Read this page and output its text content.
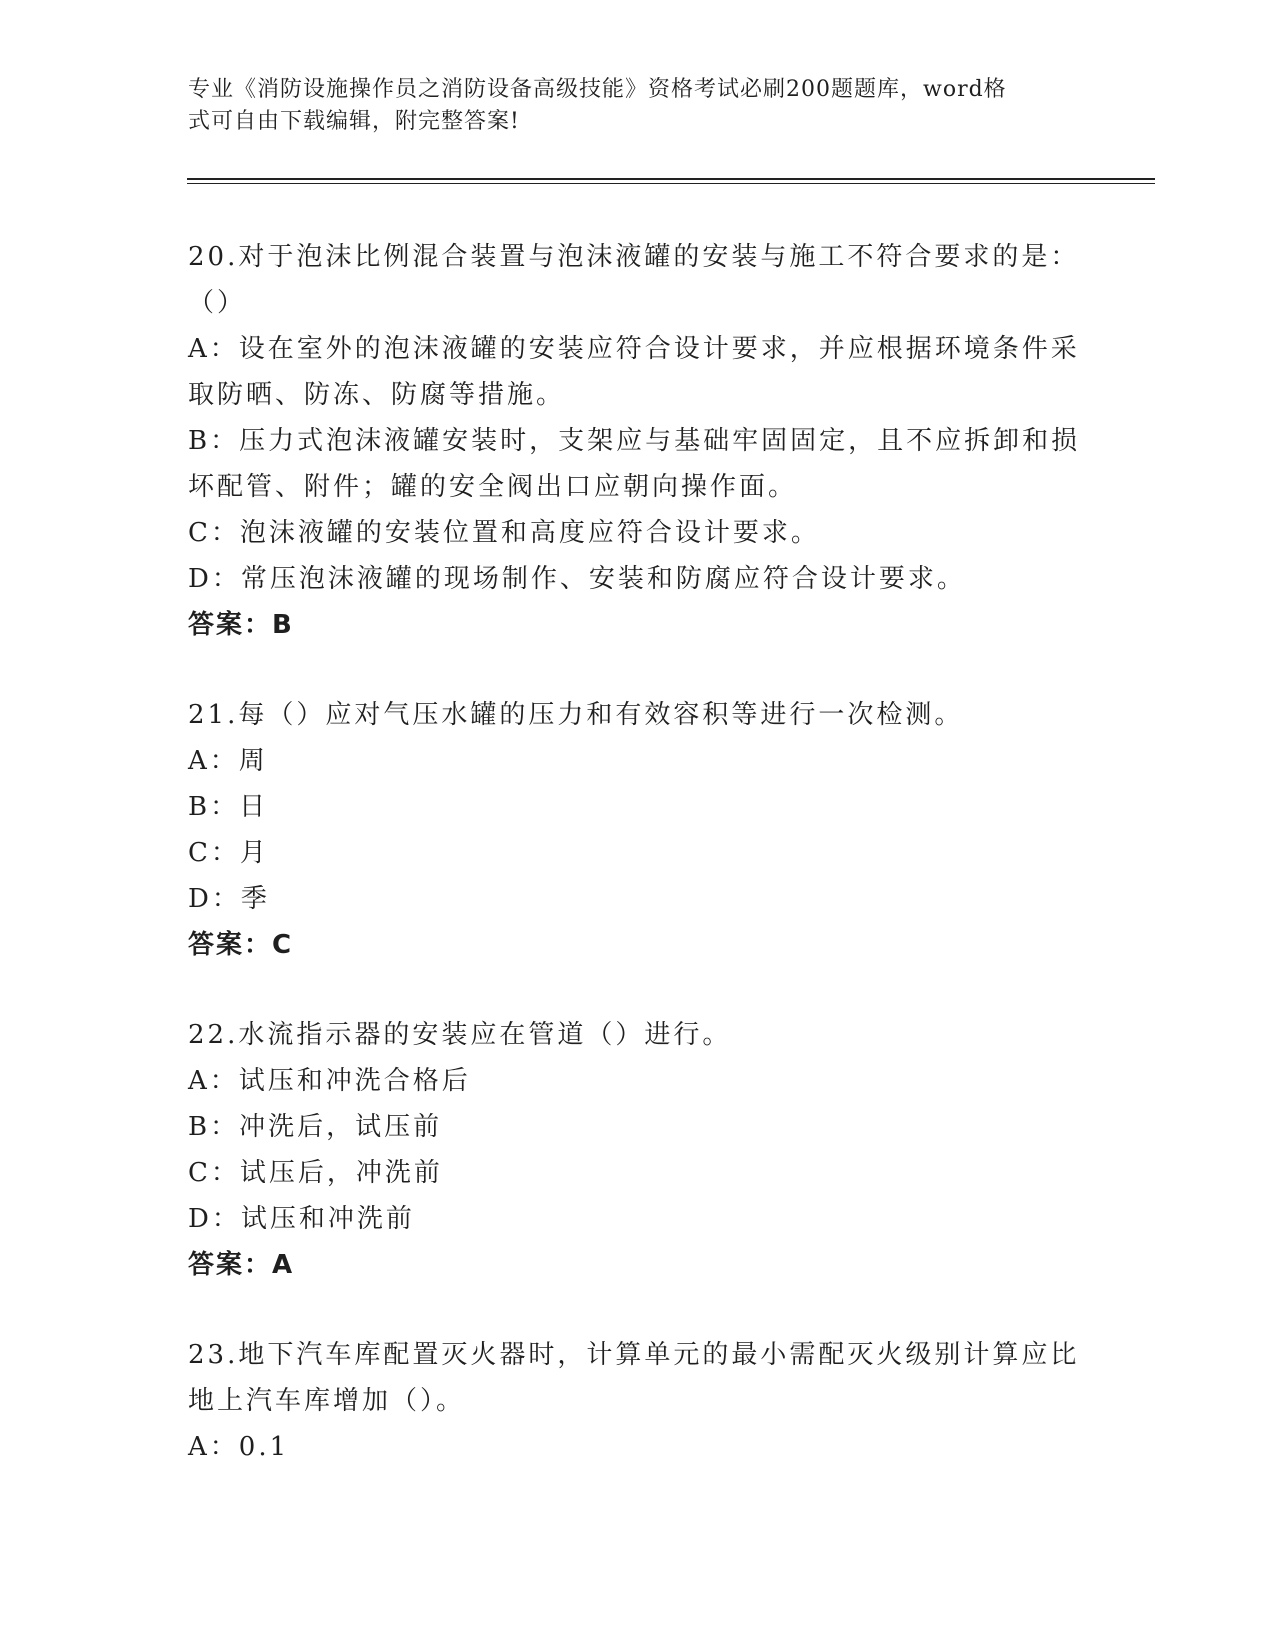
专业《消防设施操作员之消防设备高级技能》资格考试必刷200题题库，word格
式可自由下载编辑，附完整答案!
20.对于泡沫比例混合装置与泡沫液罐的安装与施工不符合要求的是：
（）
A：设在室外的泡沫液罐的安装应符合设计要求，并应根据环境条件采
取防晒、防冻、防腐等措施。
B：压力式泡沫液罐安装时，支架应与基础牢固固定，且不应拆卸和损
坏配管、附件；罐的安全阀出口应朝向操作面。
C：泡沫液罐的安装位置和高度应符合设计要求。
D：常压泡沫液罐的现场制作、安装和防腐应符合设计要求。
答案：B
21.每（）应对气压水罐的压力和有效容积等进行一次检测。
A：周
B：日
C：月
D：季
答案：C
22.水流指示器的安装应在管道（）进行。
A：试压和冲洗合格后
B：冲洗后，试压前
C：试压后，冲洗前
D：试压和冲洗前
答案：A
23.地下汽车库配置灭火器时，计算单元的最小需配灭火级别计算应比
地上汽车库增加（）。
A：0.1
